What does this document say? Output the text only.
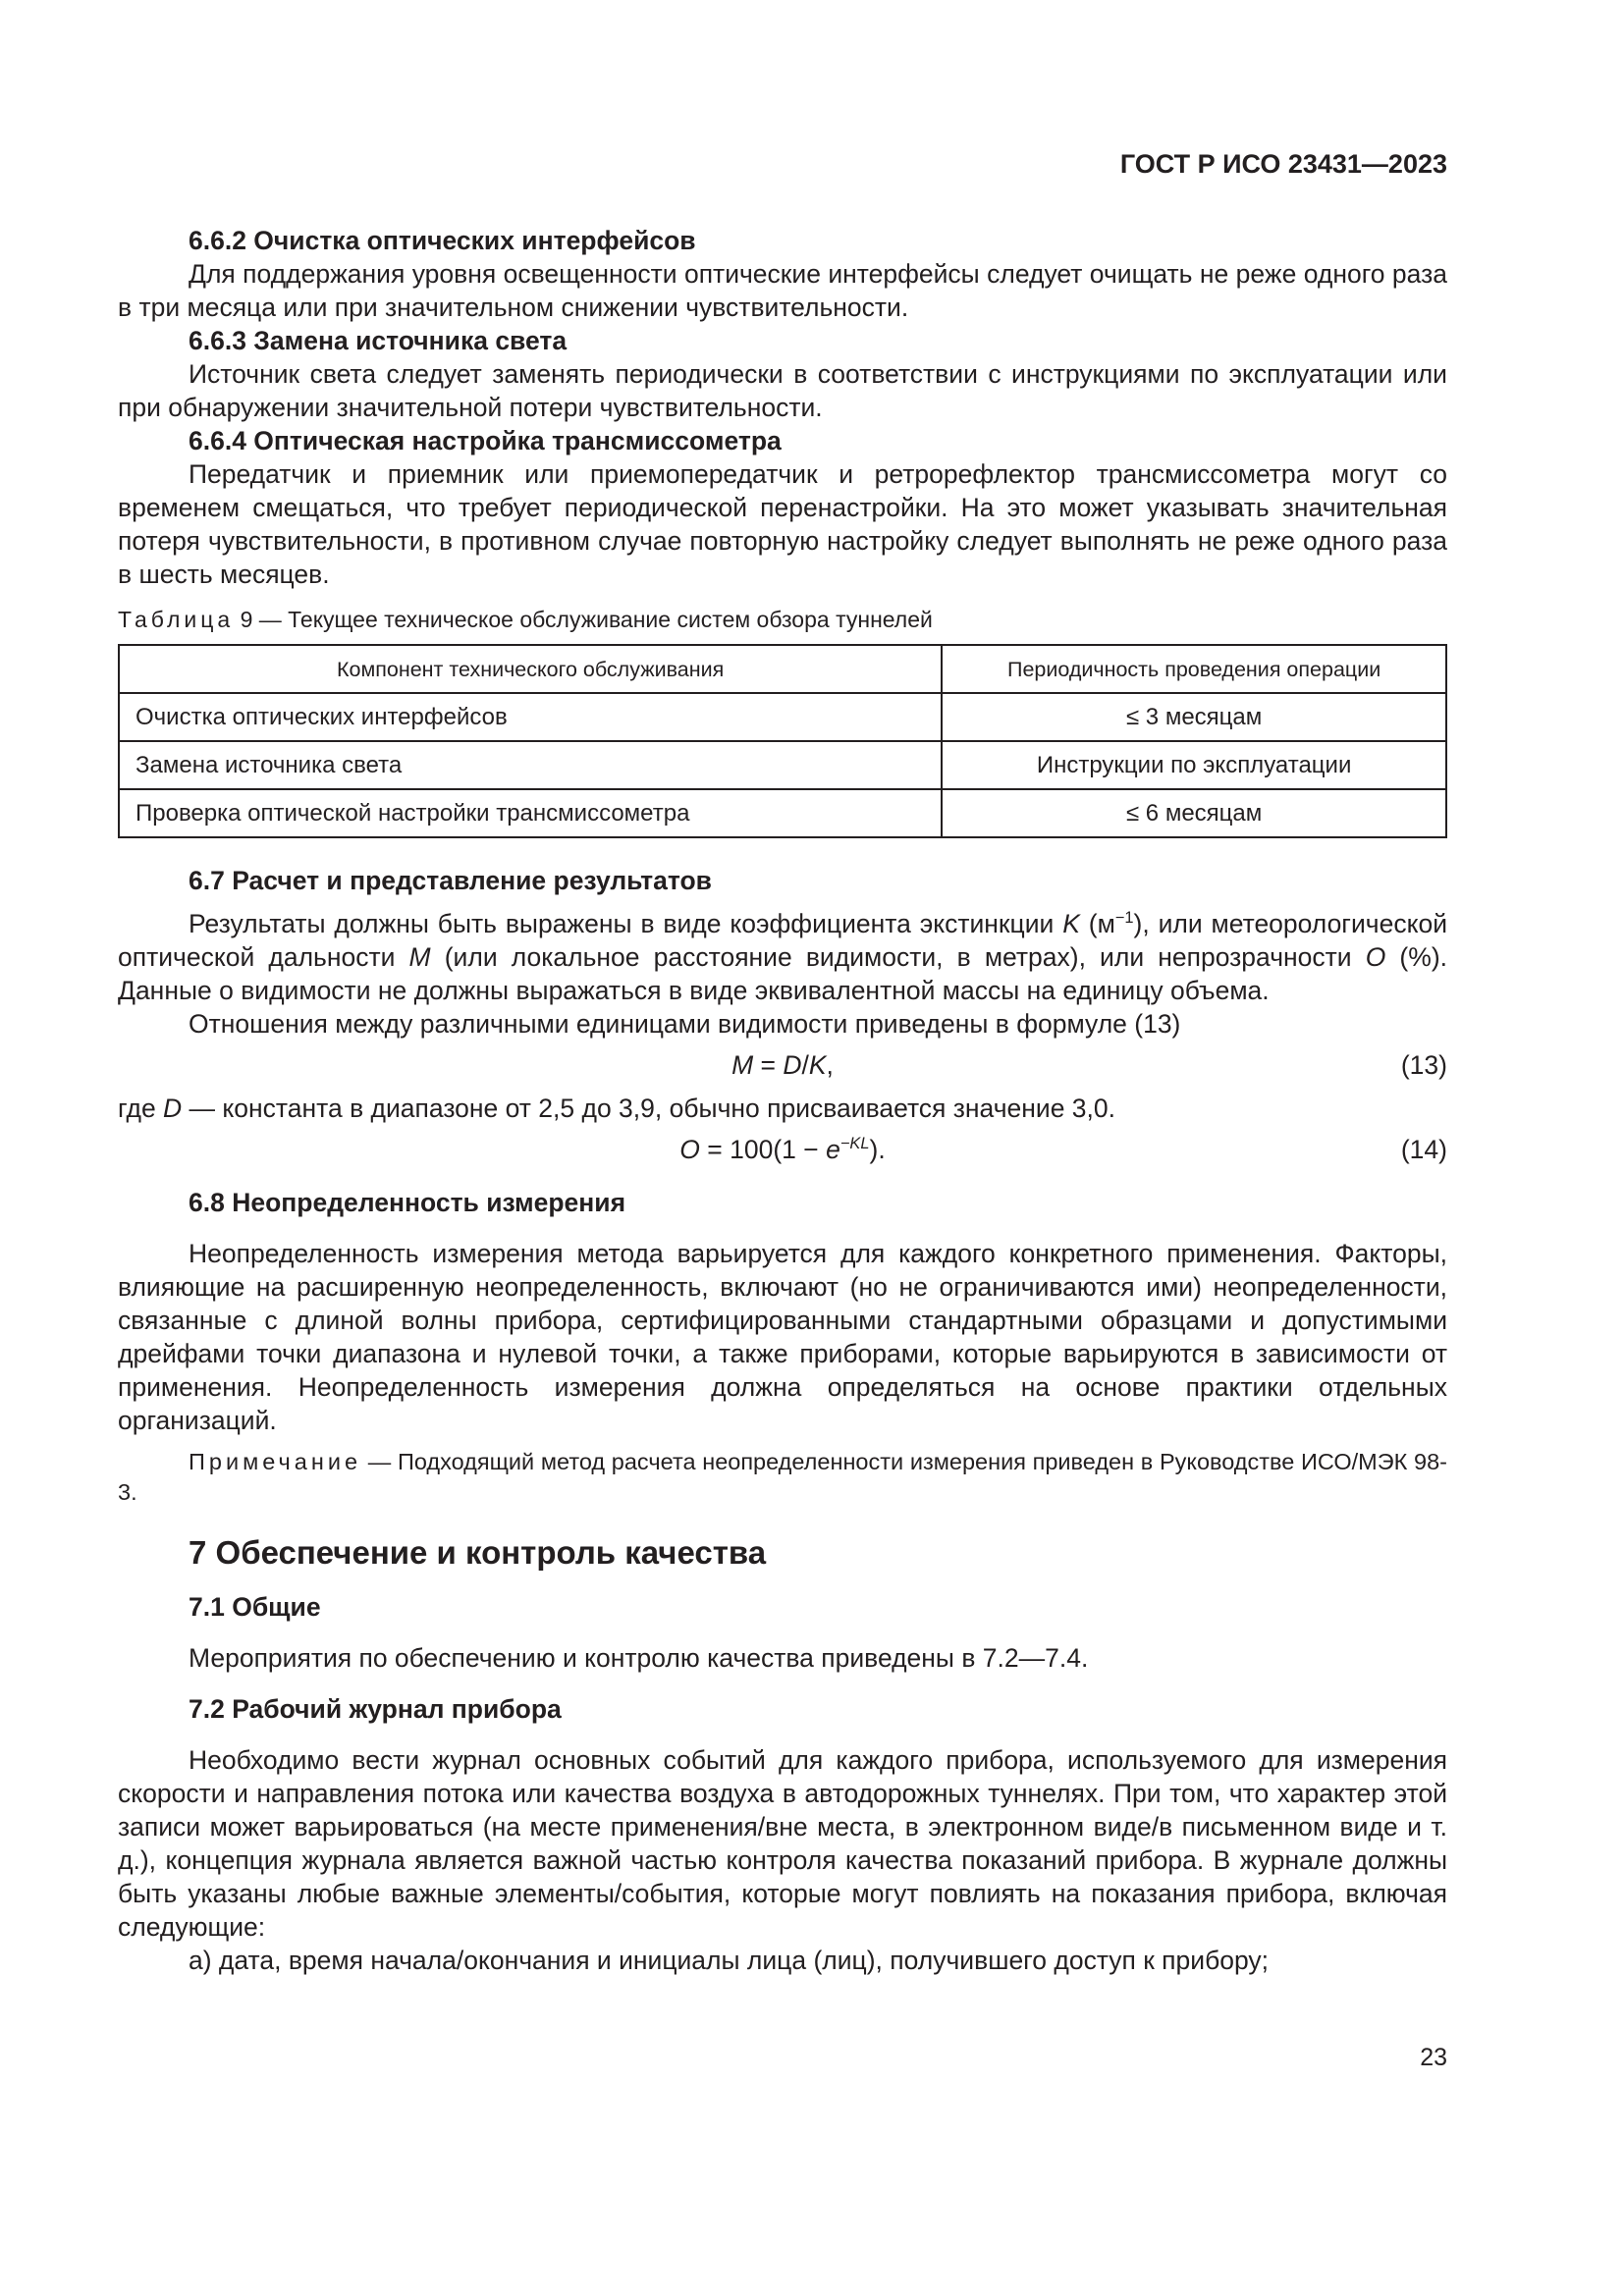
ГОСТ Р ИСО 23431—2023

6.6.2 Очистка оптических интерфейсов

Для поддержания уровня освещенности оптические интерфейсы следует очищать не реже одного раза в три месяца или при значительном снижении чувствительности.

6.6.3 Замена источника света

Источник света следует заменять периодически в соответствии с инструкциями по эксплуатации или при обнаружении значительной потери чувствительности.

6.6.4 Оптическая настройка трансмиссометра

Передатчик и приемник или приемопередатчик и ретрорефлектор трансмиссометра могут со временем смещаться, что требует периодической перенастройки. На это может указывать значительная потеря чувствительности, в противном случае повторную настройку следует выполнять не реже одного раза в шесть месяцев.

Таблица 9 — Текущее техническое обслуживание систем обзора туннелей
Компонент технического обслуживания	Периодичность проведения операции
Очистка оптических интерфейсов	≤ 3 месяцам
Замена источника света	Инструкции по эксплуатации
Проверка оптической настройки трансмиссометра	≤ 6 месяцам

6.7 Расчет и представление результатов

Результаты должны быть выражены в виде коэффициента экстинкции K $(м^{-1})$, или метеорологической оптической дальности M (или локальное расстояние видимости, в метрах), или непрозрачности O (%). Данные о видимости не должны выражаться в виде эквивалентной массы на единицу объема.

Отношения между различными единицами видимости приведены в формуле (13)

M = D/K,	(13)

где D — константа в диапазоне от 2,5 до 3,9, обычно присваивается значение 3,0.

$O = 100(1 - e^{-KL})$.	(14)

6.8 Неопределенность измерения

Неопределенность измерения метода варьируется для каждого конкретного применения. Факторы, влияющие на расширенную неопределенность, включают (но не ограничиваются ими) неопределенности, связанные с длиной волны прибора, сертифицированными стандартными образцами и допустимыми дрейфами точки диапазона и нулевой точки, а также приборами, которые варьируются в зависимости от применения. Неопределенность измерения должна определяться на основе практики отдельных организаций.

Примечание — Подходящий метод расчета неопределенности измерения приведен в Руководстве ИСО/МЭК 98-3.

7 Обеспечение и контроль качества

7.1 Общие

Мероприятия по обеспечению и контролю качества приведены в 7.2—7.4.

7.2 Рабочий журнал прибора

Необходимо вести журнал основных событий для каждого прибора, используемого для измерения скорости и направления потока или качества воздуха в автодорожных туннелях. При том, что характер этой записи может варьироваться (на месте применения/вне места, в электронном виде/в письменном виде и т. д.), концепция журнала является важной частью контроля качества показаний прибора. В журнале должны быть указаны любые важные элементы/события, которые могут повлиять на показания прибора, включая следующие:

а) дата, время начала/окончания и инициалы лица (лиц), получившего доступ к прибору;

23
